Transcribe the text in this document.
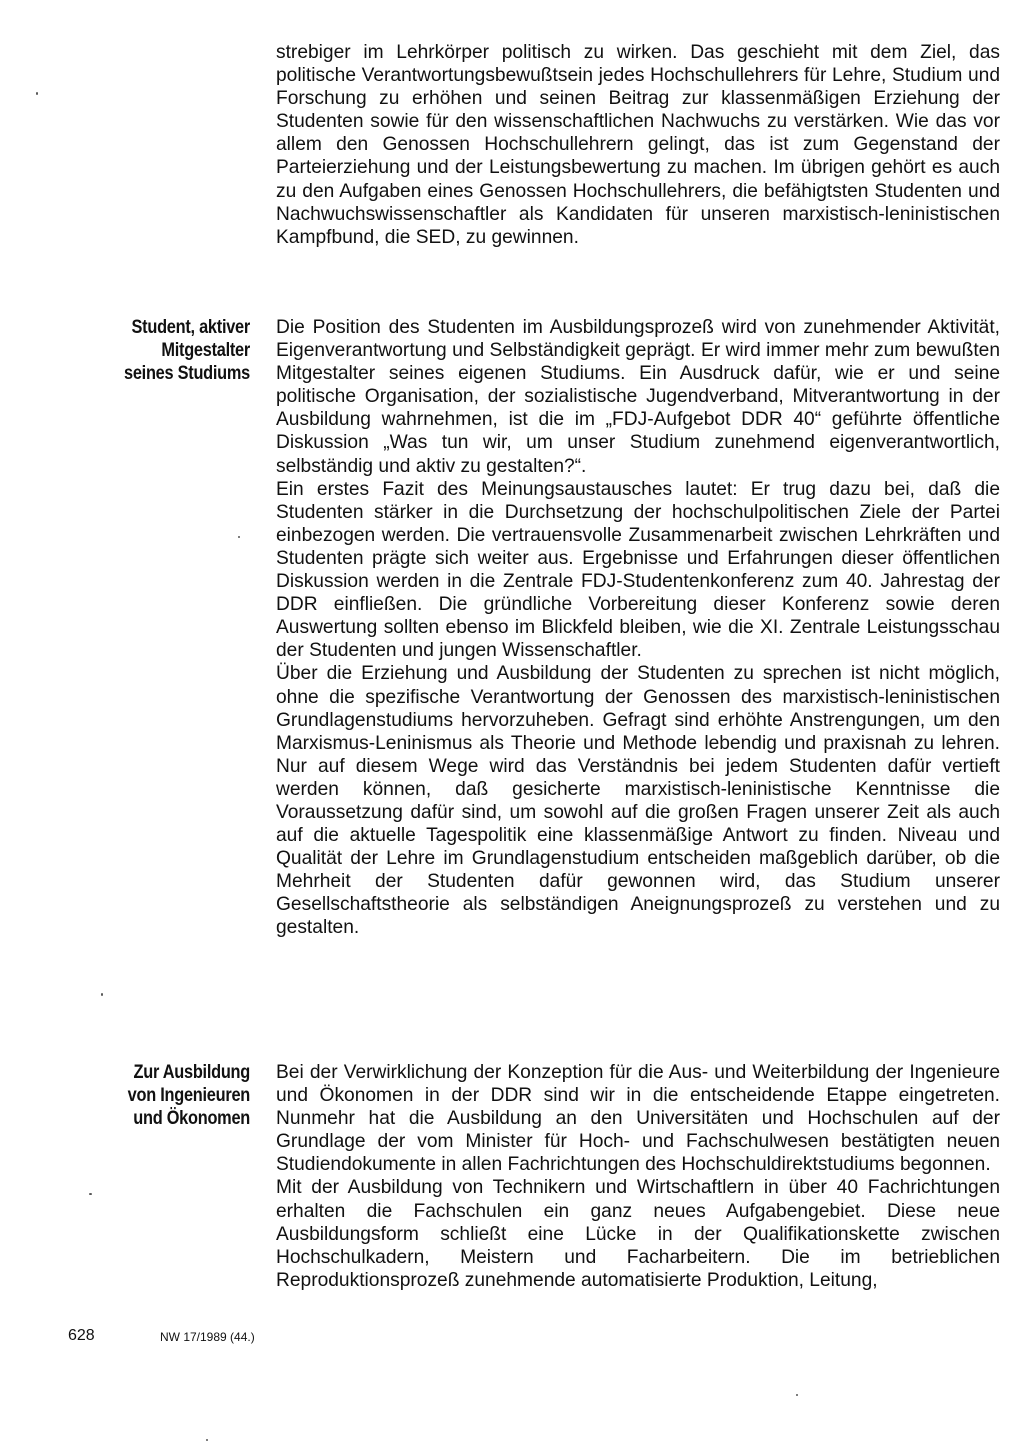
strebiger im Lehrkörper politisch zu wirken. Das geschieht mit dem Ziel, das politische Verantwortungsbewußtsein jedes Hochschullehrers für Lehre, Studium und Forschung zu erhöhen und seinen Beitrag zur klassenmäßigen Erziehung der Studenten sowie für den wissenschaftlichen Nachwuchs zu verstärken. Wie das vor allem den Genossen Hochschullehrern gelingt, das ist zum Gegenstand der Parteierziehung und der Leistungsbewertung zu machen. Im übrigen gehört es auch zu den Aufgaben eines Genossen Hochschullehrers, die befähigtsten Studenten und Nachwuchswissenschaftler als Kandidaten für unseren marxistisch-leninistischen Kampfbund, die SED, zu gewinnen.

Student, aktiver
Mitgestalter
seines Studiums

Die Position des Studenten im Ausbildungsprozeß wird von zunehmender Aktivität, Eigenverantwortung und Selbständigkeit geprägt. Er wird immer mehr zum bewußten Mitgestalter seines eigenen Studiums. Ein Ausdruck dafür, wie er und seine politische Organisation, der sozialistische Jugendverband, Mitverantwortung in der Ausbildung wahrnehmen, ist die im „FDJ-Aufgebot DDR 40“ geführte öffentliche Diskussion „Was tun wir, um unser Studium zunehmend eigenverantwortlich, selbständig und aktiv zu gestalten?“.

Ein erstes Fazit des Meinungsaustausches lautet: Er trug dazu bei, daß die Studenten stärker in die Durchsetzung der hochschulpolitischen Ziele der Partei einbezogen werden. Die vertrauensvolle Zusammenarbeit zwischen Lehrkräften und Studenten prägte sich weiter aus. Ergebnisse und Erfahrungen dieser öffentlichen Diskussion werden in die Zentrale FDJ-Studentenkonferenz zum 40. Jahrestag der DDR einfließen. Die gründliche Vorbereitung dieser Konferenz sowie deren Auswertung sollten ebenso im Blickfeld bleiben, wie die XI. Zentrale Leistungsschau der Studenten und jungen Wissenschaftler.

Über die Erziehung und Ausbildung der Studenten zu sprechen ist nicht möglich, ohne die spezifische Verantwortung der Genossen des marxistisch-leninistischen Grundlagenstudiums hervorzuheben. Gefragt sind erhöhte Anstrengungen, um den Marxismus-Leninismus als Theorie und Methode lebendig und praxisnah zu lehren. Nur auf diesem Wege wird das Verständnis bei jedem Studenten dafür vertieft werden können, daß gesicherte marxistisch-leninistische Kenntnisse die Voraussetzung dafür sind, um sowohl auf die großen Fragen unserer Zeit als auch auf die aktuelle Tagespolitik eine klassenmäßige Antwort zu finden. Niveau und Qualität der Lehre im Grundlagenstudium entscheiden maßgeblich darüber, ob die Mehrheit der Studenten dafür gewonnen wird, das Studium unserer Gesellschaftstheorie als selbständigen Aneignungsprozeß zu verstehen und zu gestalten.

Zur Ausbildung
von Ingenieuren
und Ökonomen

Bei der Verwirklichung der Konzeption für die Aus- und Weiterbildung der Ingenieure und Ökonomen in der DDR sind wir in die entscheidende Etappe eingetreten. Nunmehr hat die Ausbildung an den Universitäten und Hochschulen auf der Grundlage der vom Minister für Hoch- und Fachschulwesen bestätigten neuen Studiendokumente in allen Fachrichtungen des Hochschuldirektstudiums begonnen.

Mit der Ausbildung von Technikern und Wirtschaftlern in über 40 Fachrichtungen erhalten die Fachschulen ein ganz neues Aufgabengebiet. Diese neue Ausbildungsform schließt eine Lücke in der Qualifikationskette zwischen Hochschulkadern, Meistern und Facharbeitern. Die im betrieblichen Reproduktionsprozeß zunehmende automatisierte Produktion, Leitung,

628	NW 17/1989 (44.)
